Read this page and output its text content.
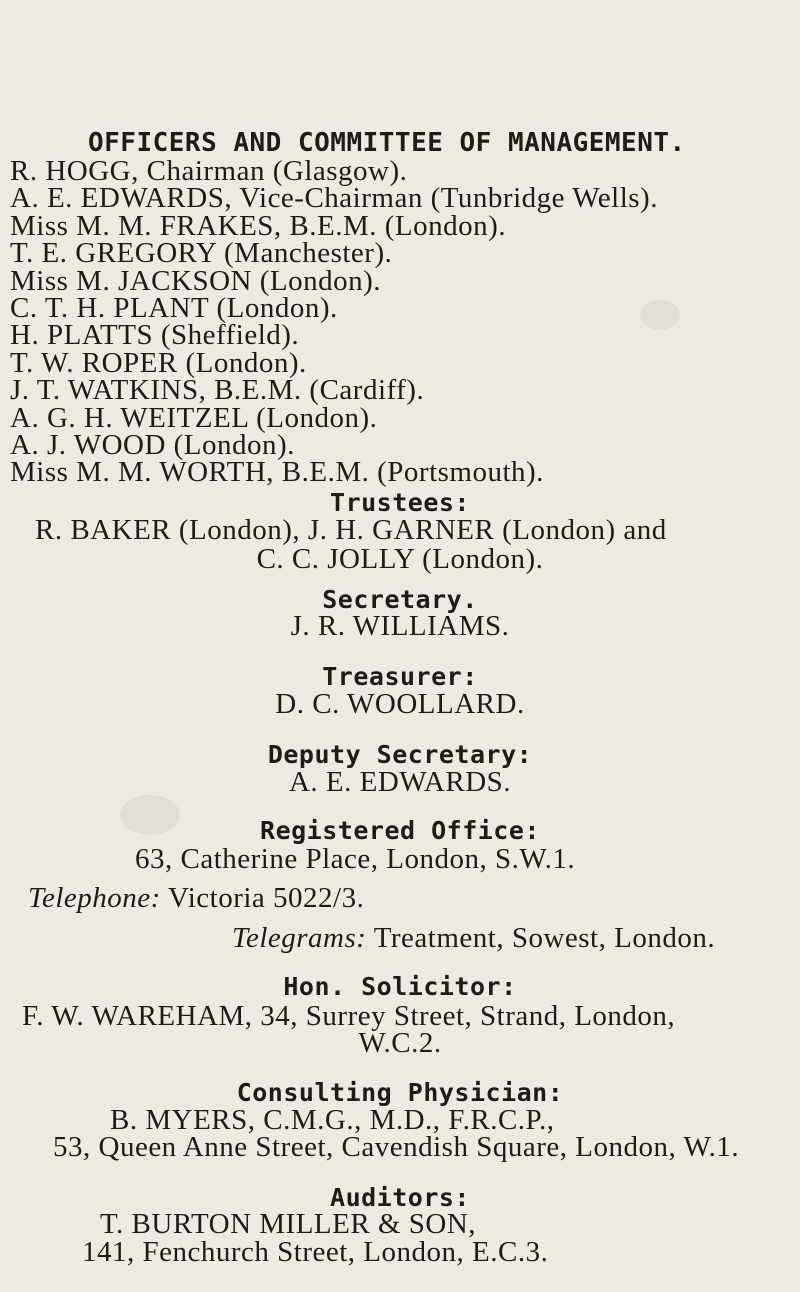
OFFICERS AND COMMITTEE OF MANAGEMENT.
R. HOGG, Chairman (Glasgow).
A. E. EDWARDS, Vice-Chairman (Tunbridge Wells).
Miss M. M. FRAKES, B.E.M. (London).
T. E. GREGORY (Manchester).
Miss M. JACKSON (London).
C. T. H. PLANT (London).
H. PLATTS (Sheffield).
T. W. ROPER (London).
J. T. WATKINS, B.E.M. (Cardiff).
A. G. H. WEITZEL (London).
A. J. WOOD (London).
Miss M. M. WORTH, B.E.M. (Portsmouth).
Trustees:
R. BAKER (London), J. H. GARNER (London) and
C. C. JOLLY (London).
Secretary.
J. R. WILLIAMS.
Treasurer:
D. C. WOOLLARD.
Deputy Secretary:
A. E. EDWARDS.
Registered Office:
63, Catherine Place, London, S.W.1.
Telephone: Victoria 5022/3.
Telegrams: Treatment, Sowest, London.
Hon. Solicitor:
F. W. WAREHAM, 34, Surrey Street, Strand, London,
W.C.2.
Consulting Physician:
B. MYERS, C.M.G., M.D., F.R.C.P.,
53, Queen Anne Street, Cavendish Square, London, W.1.
Auditors:
T. BURTON MILLER & SON,
141, Fenchurch Street, London, E.C.3.
